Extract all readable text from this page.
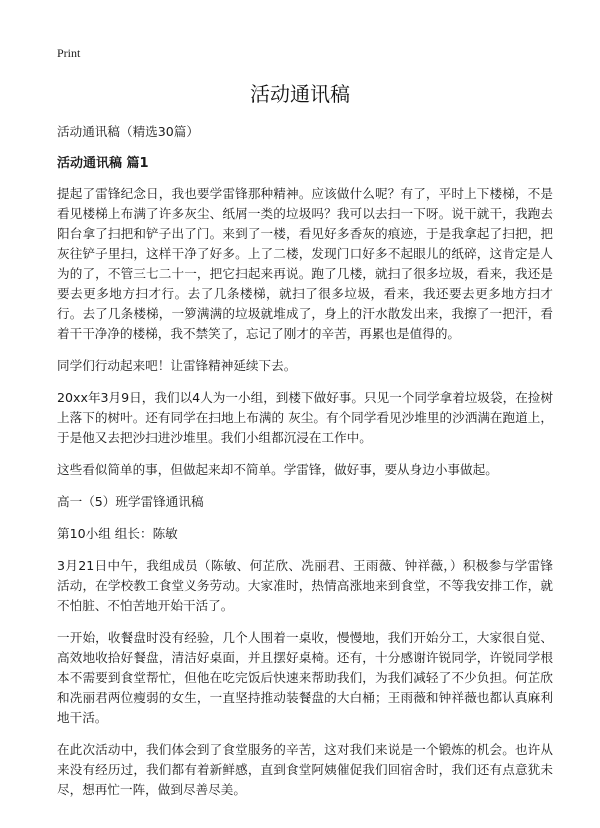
Print
活动通讯稿

活动通讯稿（精选30篇）

活动通讯稿 篇1

提起了雷锋纪念日，我也要学雷锋那种精神。应该做什么呢？有了，平时上下楼梯，不是看见楼梯上布满了许多灰尘、纸屑一类的垃圾吗？我可以去扫一下呀。说干就干，我跑去阳台拿了扫把和铲子出了门。来到了一楼，看见好多香灰的痕迹，于是我拿起了扫把，把灰往铲子里扫，这样干净了好多。上了二楼，发现门口好多不起眼儿的纸碎，这肯定是人为的了，不管三七二十一，把它扫起来再说。跑了几楼，就扫了很多垃圾，看来，我还是要去更多地方扫才行。去了几条楼梯，就扫了很多垃圾，看来，我还要去更多地方扫才行。去了几条楼梯，一箩满满的垃圾就堆成了，身上的汗水散发出来，我擦了一把汗，看着干干净净的楼梯，我不禁笑了，忘记了刚才的辛苦，再累也是值得的。

同学们行动起来吧！让雷锋精神延续下去。

20xx年3月9日，我们以4人为一小组，到楼下做好事。只见一个同学拿着垃圾袋，在捡树上落下的树叶。还有同学在扫地上布满的 灰尘。有个同学看见沙堆里的沙洒满在跑道上，于是他又去把沙扫进沙堆里。我们小组都沉浸在工作中。

这些看似简单的事，但做起来却不简单。学雷锋，做好事，要从身边小事做起。

高一（5）班学雷锋通讯稿

第10小组 组长：陈敏

3月21日中午，我组成员（陈敏、何芷欣、冼丽君、王雨薇、钟祥薇，）积极参与学雷锋活动，在学校教工食堂义务劳动。大家准时，热情高涨地来到食堂，不等我安排工作，就不怕脏、不怕苦地开始干活了。

一开始，收餐盘时没有经验，几个人围着一桌收，慢慢地，我们开始分工，大家很自觉、高效地收拾好餐盘，清洁好桌面，并且摆好桌椅。还有，十分感谢许锐同学，许锐同学根本不需要到食堂帮忙，但他在吃完饭后快速来帮助我们，为我们减轻了不少负担。何芷欣和冼丽君两位瘦弱的女生，一直坚持推动装餐盘的大白桶；王雨薇和钟祥薇也都认真麻利地干活。

在此次活动中，我们体会到了食堂服务的辛苦，这对我们来说是一个锻炼的机会。也许从来没有经历过，我们都有着新鲜感，直到食堂阿姨催促我们回宿舍时，我们还有点意犹未尽，想再忙一阵，做到尽善尽美。
